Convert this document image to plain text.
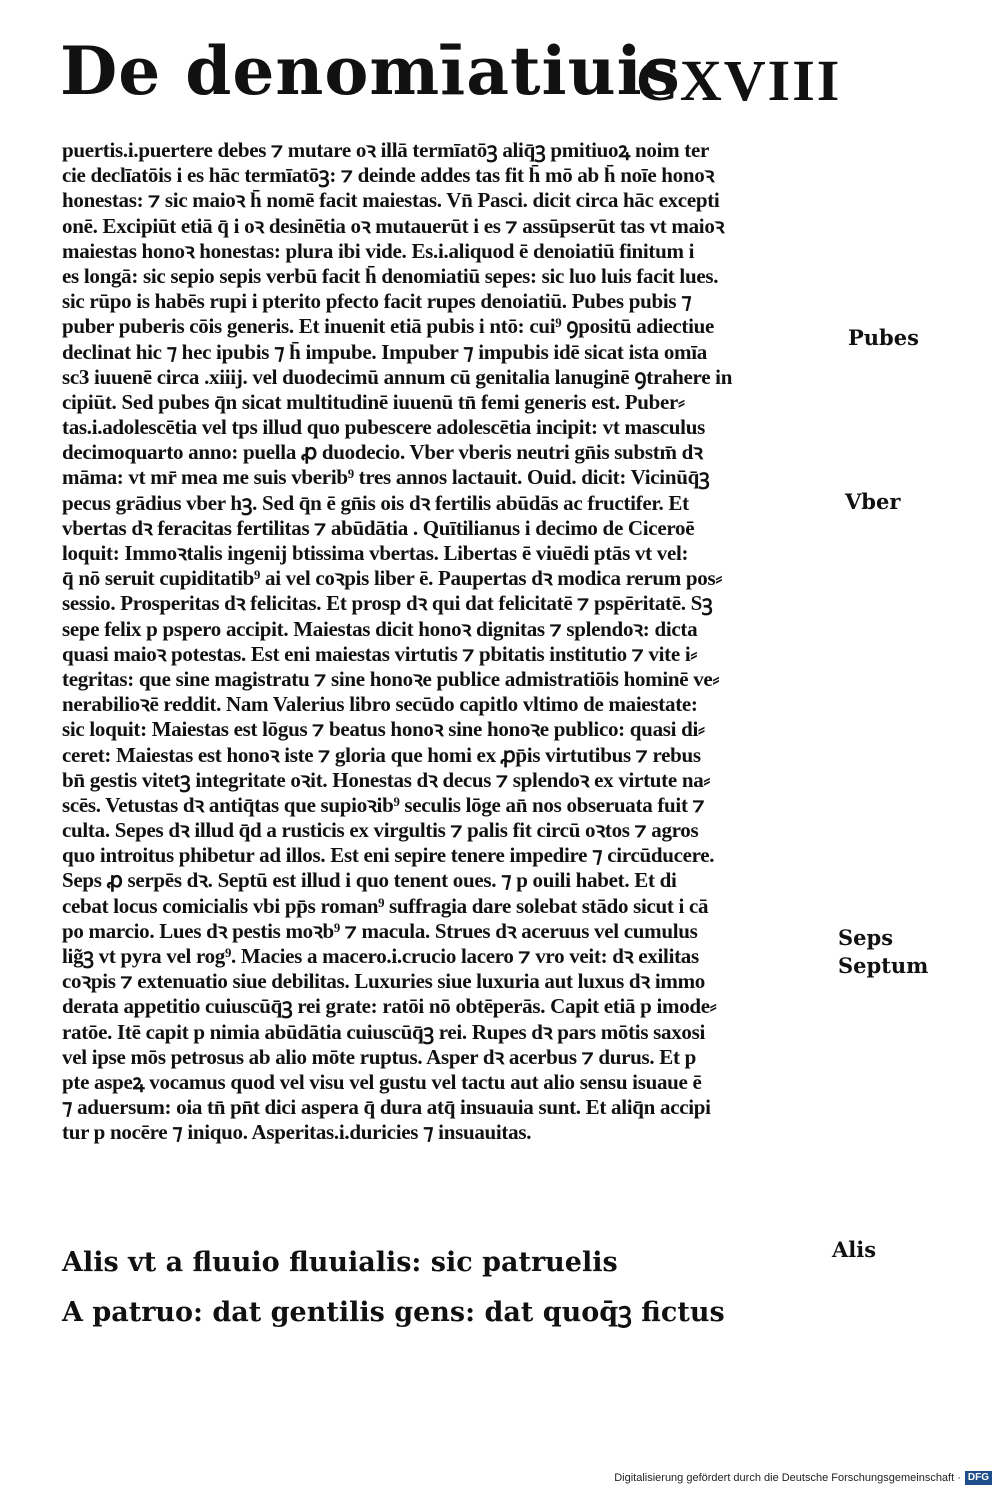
De denomīatiuis
CXVIII
puertis.i.puertere debes ⁊ mutare oꝛ illā termīatōꝫ aliq̄ꝫ pmitiuoꝝ noim ter
cie declīatōis i es hāc termīatōꝫ: ⁊ deinde addes tas fit h̄ mō ab h̄ noīe honoꝛ
honestas: ⁊ sic maioꝛ h̄ nomē facit maiestas. Vn̄ Pasci. dicit circa hāc excepti
onē. Excipiūt etiā q̄ i oꝛ desinētia oꝛ mutauerūt i es ⁊ assūpserūt tas vt maioꝛ
maiestas honoꝛ honestas: plura ibi vide. Es.i.aliquod ē denoiatiū finitum i
es longā: sic sepio sepis verbū facit h̄ denomiatiū sepes: sic luo luis facit lues.
sic rūpo is habēs rupi i pterito pfecto facit rupes denoiatiū. Pubes pubis ⁊
puber puberis cōis generis. Et inuenit etiā pubis i ntō: cui⁹ ꝯpositū adiectiue
declinat hic ⁊ hec ipubis ⁊ h̄ impube. Impuber ⁊ impubis idē sicat ista omīa
sc3 iuuenē circa .xiiij. vel duodecimū annum cū genitalia lanuginē ꝯtrahere in
cipiūt. Sed pubes q̄n sicat multitudinē iuuenū tn̄ femi generis est. Puber⸗
tas.i.adolescētia vel tps illud quo pubescere adolescētia incipit: vt masculus
decimoquarto anno: puella ꝓ duodecio. Vber vberis neutri gn̄is substm̄ dꝛ
māma: vt mr̄ mea me suis vberib⁹ tres annos lactauit. Ouid. dicit: Vicinūq̄ꝫ
pecus grādius vber hꝫ. Sed q̄n ē gn̄is ois dꝛ fertilis abūdās ac fructifer. Et
vbertas dꝛ feracitas fertilitas ⁊ abūdātia . Quītilianus i decimo de Ciceroē
loquit: Immoꝛtalis ingenij btissima vbertas. Libertas ē viuēdi ptās vt vel:
q̄ nō seruit cupiditatib⁹ ai vel coꝛpis liber ē. Paupertas dꝛ modica rerum pos⸗
sessio. Prosperitas dꝛ felicitas. Et prosp dꝛ qui dat felicitatē ⁊ pspēritatē. Sꝫ
sepe felix p pspero accipit. Maiestas dicit honoꝛ dignitas ⁊ splendoꝛ: dicta
quasi maioꝛ potestas. Est eni maiestas virtutis ⁊ pbitatis institutio ⁊ vite i⸗
tegritas: que sine magistratu ⁊ sine honoꝛe publice admistratiōis hominē ve⸗
nerabilioꝛē reddit. Nam Valerius libro secūdo capitlo vltimo de maiestate:
sic loquit: Maiestas est lōgus ⁊ beatus honoꝛ sine honoꝛe publico: quasi di⸗
ceret: Maiestas est honoꝛ iste ⁊ gloria que homi ex ꝓp̄is virtutibus ⁊ rebus
bn̄ gestis vitetꝫ integritate oꝛit. Honestas dꝛ decus ⁊ splendoꝛ ex virtute na⸗
scēs. Vetustas dꝛ antiq̄tas que supioꝛib⁹ seculis lōge an̄ nos obseruata fuit ⁊
culta. Sepes dꝛ illud q̄d a rusticis ex virgultis ⁊ palis fit circū oꝛtos ⁊ agros
quo introitus phibetur ad illos. Est eni sepire tenere impedire ⁊ circūducere.
Seps ꝓ serpēs dꝛ. Septū est illud i quo tenent oues. ⁊ p ouili habet. Et di
cebat locus comicialis vbi pp̄s roman⁹ suffragia dare solebat stādo sicut i cā
po marcio. Lues dꝛ pestis moꝛb⁹ ⁊ macula. Strues dꝛ aceruus vel cumulus
lig̃ꝫ vt pyra vel rog⁹. Macies a macero.i.crucio lacero ⁊ vro veit: dꝛ exilitas
coꝛpis ⁊ extenuatio siue debilitas. Luxuries siue luxuria aut luxus dꝛ immo
derata appetitio cuiuscūq̄ꝫ rei grate: ratōi nō obtēperās. Capit etiā p imode⸗
ratōe. Itē capit p nimia abūdātia cuiuscūq̄ꝫ rei. Rupes dꝛ pars mōtis saxosi
vel ipse mōs petrosus ab alio mōte ruptus. Asper dꝛ acerbus ⁊ durus. Et p
pte aspeꝝ vocamus quod vel visu vel gustu vel tactu aut alio sensu isuaue ē
⁊ aduersum: oia tn̄ pn̄t dici aspera q̄ dura atq̄ insuauia sunt. Et aliq̄n accipi
tur p nocēre ⁊ iniquo. Asperitas.i.duricies ⁊ insuauitas.
Alis vt a fluuio fluuialis: sic patruelis
A patruo: dat gentilis gens: dat quoq̄ꝫ fictus
Pubes
Vber
Seps
Septum
Alis
Digitalisierung gefördert durch die Deutsche Forschungsgemeinschaft · DFG
